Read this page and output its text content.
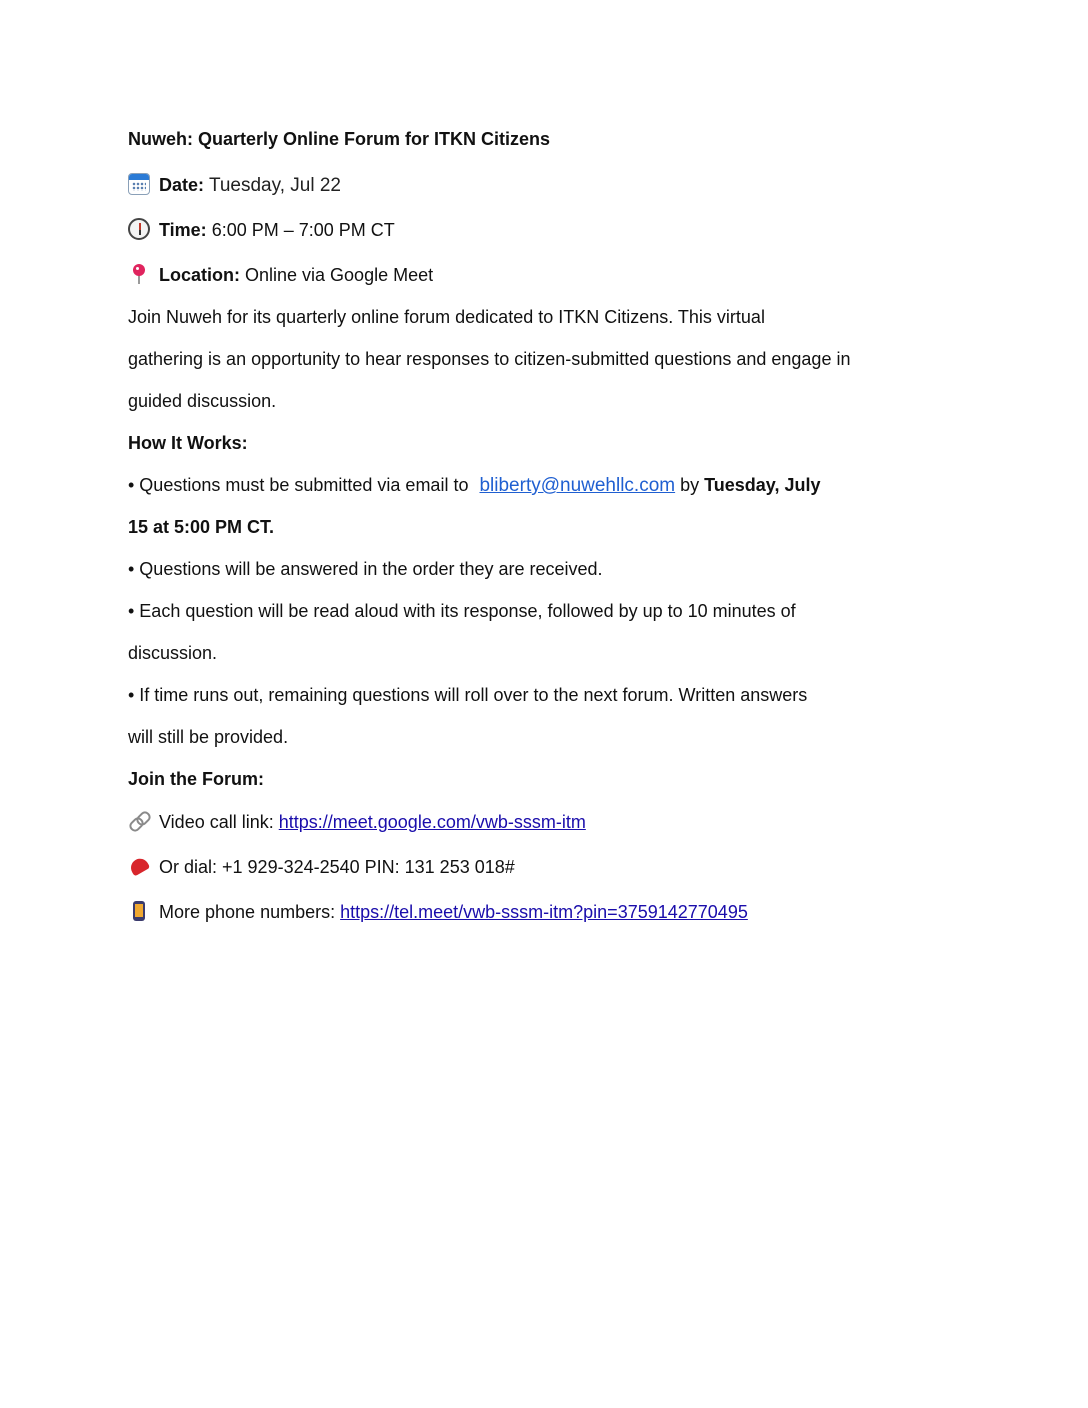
Nuweh: Quarterly Online Forum for ITKN Citizens
Date: Tuesday, Jul 22
Time: 6:00 PM – 7:00 PM CT
Location: Online via Google Meet
Join Nuweh for its quarterly online forum dedicated to ITKN Citizens. This virtual
gathering is an opportunity to hear responses to citizen-submitted questions and engage in
guided discussion.
How It Works:
• Questions must be submitted via email to bliberty@nuwehllc.com by Tuesday, July
15 at 5:00 PM CT.
• Questions will be answered in the order they are received.
• Each question will be read aloud with its response, followed by up to 10 minutes of
discussion.
• If time runs out, remaining questions will roll over to the next forum. Written answers
will still be provided.
Join the Forum:
Video call link: https://meet.google.com/vwb-sssm-itm
Or dial: +1 929-324-2540 PIN: 131 253 018#
More phone numbers: https://tel.meet/vwb-sssm-itm?pin=3759142770495
